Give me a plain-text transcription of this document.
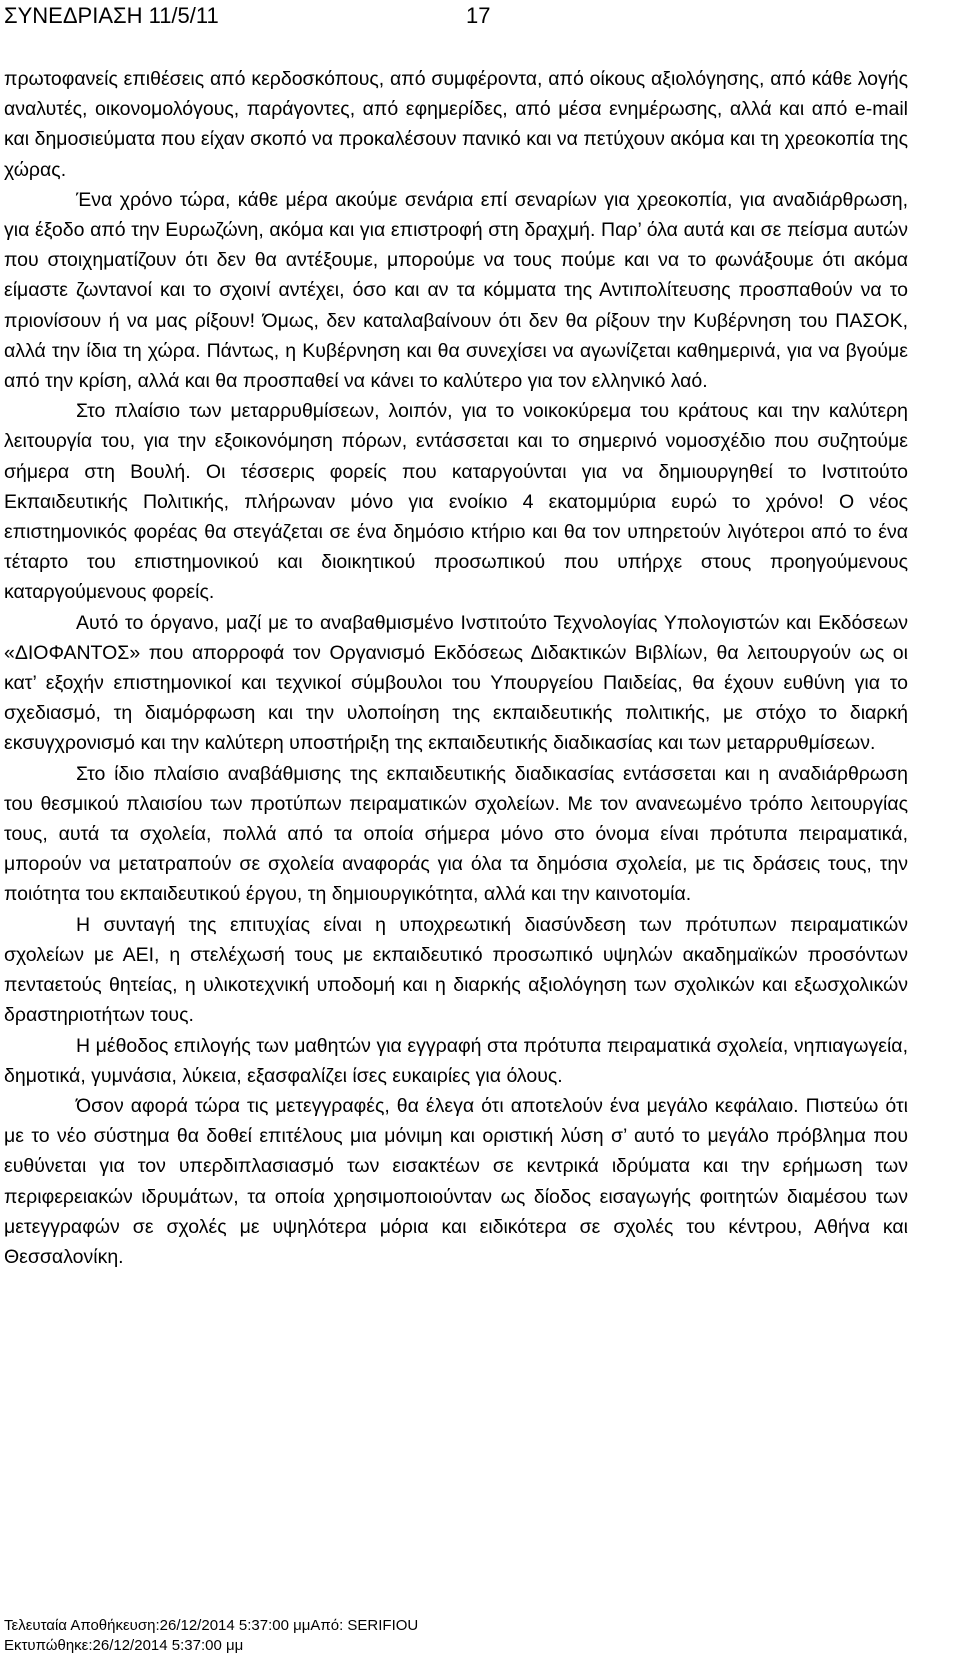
ΣΥΝΕΔΡΙΑΣΗ 11/5/11	17

πρωτοφανείς επιθέσεις από κερδοσκόπους, από συμφέροντα, από οίκους αξιολόγησης, από κάθε λογής αναλυτές, οικονομολόγους, παράγοντες, από εφημερίδες, από μέσα ενημέρωσης, αλλά και από e-mail και δημοσιεύματα που είχαν σκοπό να προκαλέσουν πανικό και να πετύχουν ακόμα και τη χρεοκοπία της χώρας.

Ένα χρόνο τώρα, κάθε μέρα ακούμε σενάρια επί σεναρίων για χρεοκοπία, για αναδιάρθρωση, για έξοδο από την Ευρωζώνη, ακόμα και για επιστροφή στη δραχμή. Παρ’ όλα αυτά και σε πείσμα αυτών που στοιχηματίζουν ότι δεν θα αντέξουμε, μπορούμε να τους πούμε και να το φωνάξουμε ότι ακόμα είμαστε ζωντανοί και το σχοινί αντέχει, όσο και αν τα κόμματα της Αντιπολίτευσης προσπαθούν να το πριονίσουν ή να μας ρίξουν! Όμως, δεν καταλαβαίνουν ότι δεν θα ρίξουν την Κυβέρνηση του ΠΑΣΟΚ, αλλά την ίδια τη χώρα. Πάντως, η Κυβέρνηση και θα συνεχίσει να αγωνίζεται καθημερινά, για να βγούμε από την κρίση, αλλά και θα προσπαθεί να κάνει το καλύτερο για τον ελληνικό λαό.

Στο πλαίσιο των μεταρρυθμίσεων, λοιπόν, για το νοικοκύρεμα του κράτους και την καλύτερη λειτουργία του, για την εξοικονόμηση πόρων, εντάσσεται και το σημερινό νομοσχέδιο που συζητούμε σήμερα στη Βουλή. Οι τέσσερις φορείς που καταργούνται για να δημιουργηθεί το Ινστιτούτο Εκπαιδευτικής Πολιτικής, πλήρωναν μόνο για ενοίκιο 4 εκατομμύρια ευρώ το χρόνο! Ο νέος επιστημονικός φορέας θα στεγάζεται σε ένα δημόσιο κτήριο και θα τον υπηρετούν λιγότεροι από το ένα τέταρτο του επιστημονικού και διοικητικού προσωπικού που υπήρχε στους προηγούμενους καταργούμενους φορείς.

Αυτό το όργανο, μαζί με το αναβαθμισμένο Ινστιτούτο Τεχνολογίας Υπολογιστών και Εκδόσεων «ΔΙΟΦΑΝΤΟΣ» που απορροφά τον Οργανισμό Εκδόσεως Διδακτικών Βιβλίων, θα λειτουργούν ως οι κατ’ εξοχήν επιστημονικοί και τεχνικοί σύμβουλοι του Υπουργείου Παιδείας, θα έχουν ευθύνη για το σχεδιασμό, τη διαμόρφωση και την υλοποίηση της εκπαιδευτικής πολιτικής, με στόχο το διαρκή εκσυγχρονισμό και την καλύτερη υποστήριξη της εκπαιδευτικής διαδικασίας και των μεταρρυθμίσεων.

Στο ίδιο πλαίσιο αναβάθμισης της εκπαιδευτικής διαδικασίας εντάσσεται και η αναδιάρθρωση του θεσμικού πλαισίου των προτύπων πειραματικών σχολείων. Με τον ανανεωμένο τρόπο λειτουργίας τους, αυτά τα σχολεία, πολλά από τα οποία σήμερα μόνο στο όνομα είναι πρότυπα πειραματικά, μπορούν να μετατραπούν σε σχολεία αναφοράς για όλα τα δημόσια σχολεία, με τις δράσεις τους, την ποιότητα του εκπαιδευτικού έργου, τη δημιουργικότητα, αλλά και την καινοτομία.

Η συνταγή της επιτυχίας είναι η υποχρεωτική διασύνδεση των πρότυπων πειραματικών σχολείων με ΑΕΙ, η στελέχωσή τους με εκπαιδευτικό προσωπικό υψηλών ακαδημαϊκών προσόντων πενταετούς θητείας, η υλικοτεχνική υποδομή και η διαρκής αξιολόγηση των σχολικών και εξωσχολικών δραστηριοτήτων τους.

Η μέθοδος επιλογής των μαθητών για εγγραφή στα πρότυπα πειραματικά σχολεία, νηπιαγωγεία, δημοτικά, γυμνάσια, λύκεια, εξασφαλίζει ίσες ευκαιρίες για όλους.

Όσον αφορά τώρα τις μετεγγραφές, θα έλεγα ότι αποτελούν ένα μεγάλο κεφάλαιο. Πιστεύω ότι με το νέο σύστημα θα δοθεί επιτέλους μια μόνιμη και οριστική λύση σ’ αυτό το μεγάλο πρόβλημα που ευθύνεται για τον υπερδιπλασιασμό των εισακτέων σε κεντρικά ιδρύματα και την ερήμωση των περιφερειακών ιδρυμάτων, τα οποία χρησιμοποιούνταν ως δίοδος εισαγωγής φοιτητών διαμέσου των μετεγγραφών σε σχολές με υψηλότερα μόρια και ειδικότερα σε σχολές του κέντρου, Αθήνα και Θεσσαλονίκη.

Τελευταία Αποθήκευση:26/12/2014 5:37:00 μμΑπό: SERIFIOU
Εκτυπώθηκε:26/12/2014 5:37:00 μμ
